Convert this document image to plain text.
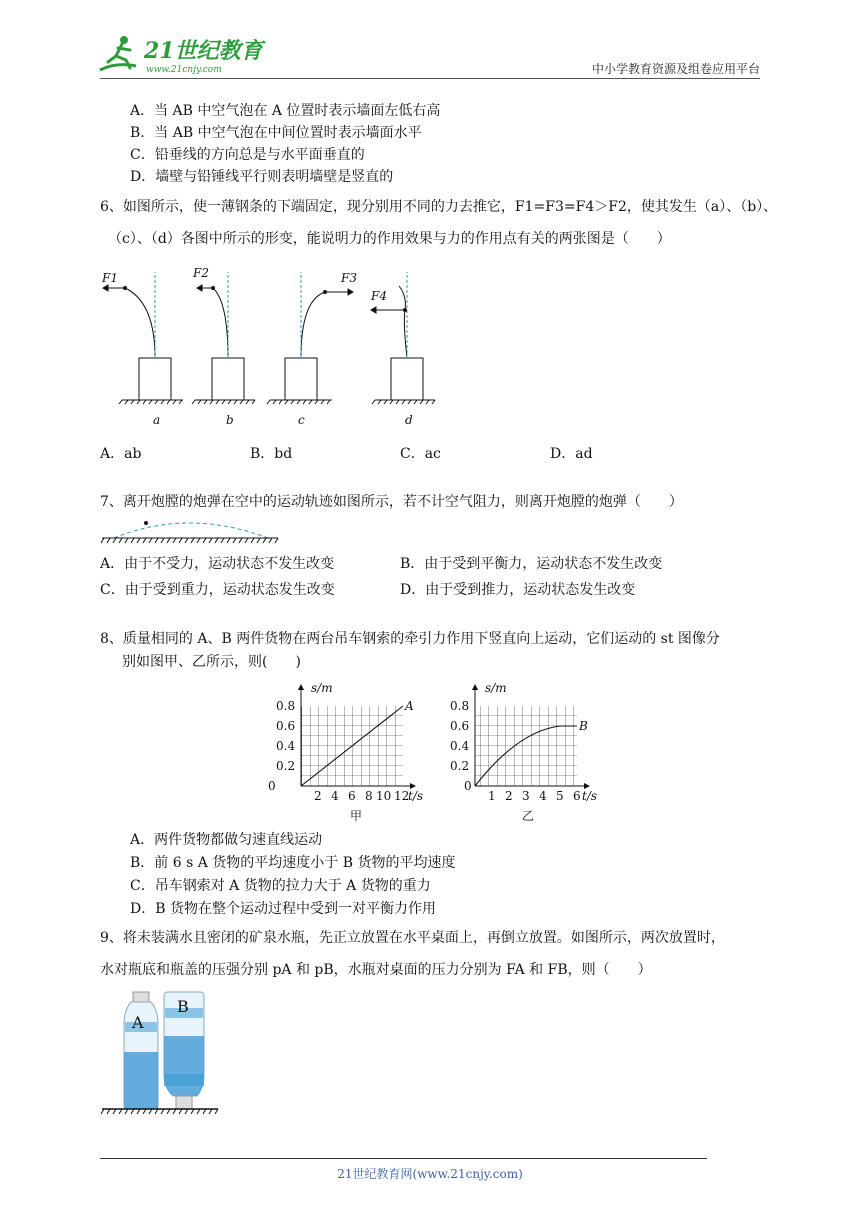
21世纪教育
www.21cnjy.com	中小学教育资源及组卷应用平台
A．当 AB 中空气泡在 A 位置时表示墙面左低右高
B．当 AB 中空气泡在中间位置时表示墙面水平
C．铅垂线的方向总是与水平面垂直的
D．墙壁与铅锤线平行则表明墙壁是竖直的
6、如图所示，使一薄钢条的下端固定，现分别用不同的力去推它，F1=F3=F4＞F2，使其发生（a）、（b）、
（c）、（d）各图中所示的形变，能说明力的作用效果与力的作用点有关的两张图是（　　）
F1	F2	F3
F4
a	b	c	d
A．ab	B．bd	C．ac	D．ad
7、离开炮膛的炮弹在空中的运动轨迹如图所示，若不计空气阻力，则离开炮膛的炮弹（　　）
A．由于不受力，运动状态不发生改变	B．由于受到平衡力，运动状态不发生改变
C．由于受到重力，运动状态发生改变	D．由于受到推力，运动状态发生改变
8、质量相同的 A、B 两件货物在两台吊车钢索的牵引力作用下竖直向上运动，它们运动的 st 图像分
别如图甲、乙所示，则(　　)
s/m
0
0.2
0.4
0.6
0.8
2 4 6 8 10 12
t/s
A
甲
s/m
0
0.2
0.4
0.6
0.8
1 2 3 4 5 6 t/s
B
乙
A．两件货物都做匀速直线运动
B．前 6 s A 货物的平均速度小于 B 货物的平均速度
C．吊车钢索对 A 货物的拉力大于 A 货物的重力
D．B 货物在整个运动过程中受到一对平衡力作用
9、将未装满水且密闭的矿泉水瓶，先正立放置在水平桌面上，再倒立放置。如图所示，两次放置时，
水对瓶底和瓶盖的压强分别 pA 和 pB，水瓶对桌面的压力分别为 FA 和 FB，则（　　）
A
B
21世纪教育网(www.21cnjy.com)
